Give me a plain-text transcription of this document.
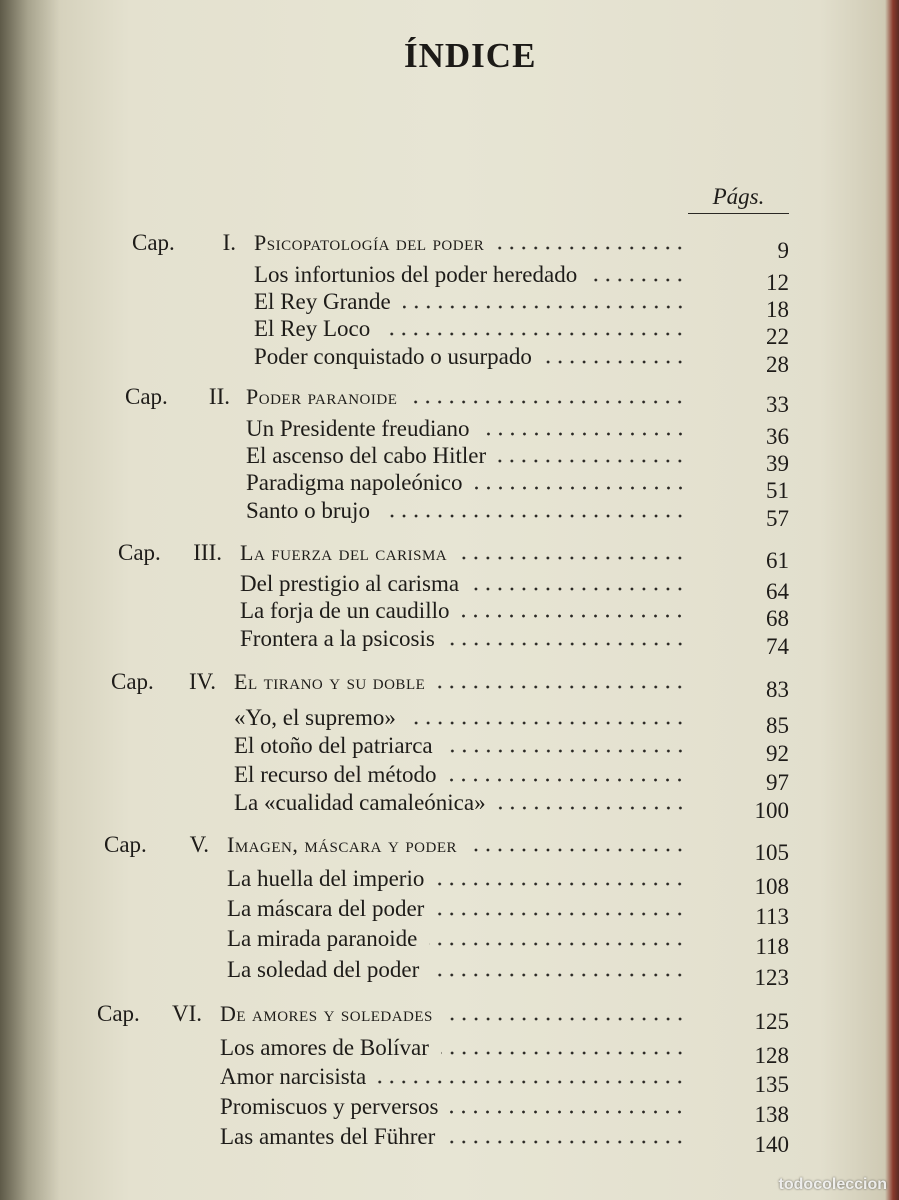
ÍNDICE
Págs.
Cap.	I. Psicopatología del poder	9
Los infortunios del poder heredado	12
El Rey Grande	18
El Rey Loco	22
Poder conquistado o usurpado	28
Cap.	II. Poder paranoide	33
Un Presidente freudiano	36
El ascenso del cabo Hitler	39
Paradigma napoleónico	51
Santo o brujo	57
Cap.	III. La fuerza del carisma	61
Del prestigio al carisma	64
La forja de un caudillo	68
Frontera a la psicosis	74
Cap.	IV. El tirano y su doble	83
«Yo, el supremo»	85
El otoño del patriarca	92
El recurso del método	97
La «cualidad camaleónica»	100
Cap.	V. Imagen, máscara y poder	105
La huella del imperio	108
La máscara del poder	113
La mirada paranoide	118
La soledad del poder	123
Cap.	VI. De amores y soledades	125
Los amores de Bolívar	128
Amor narcisista	135
Promiscuos y perversos	138
Las amantes del Führer	140
todocoleccion
